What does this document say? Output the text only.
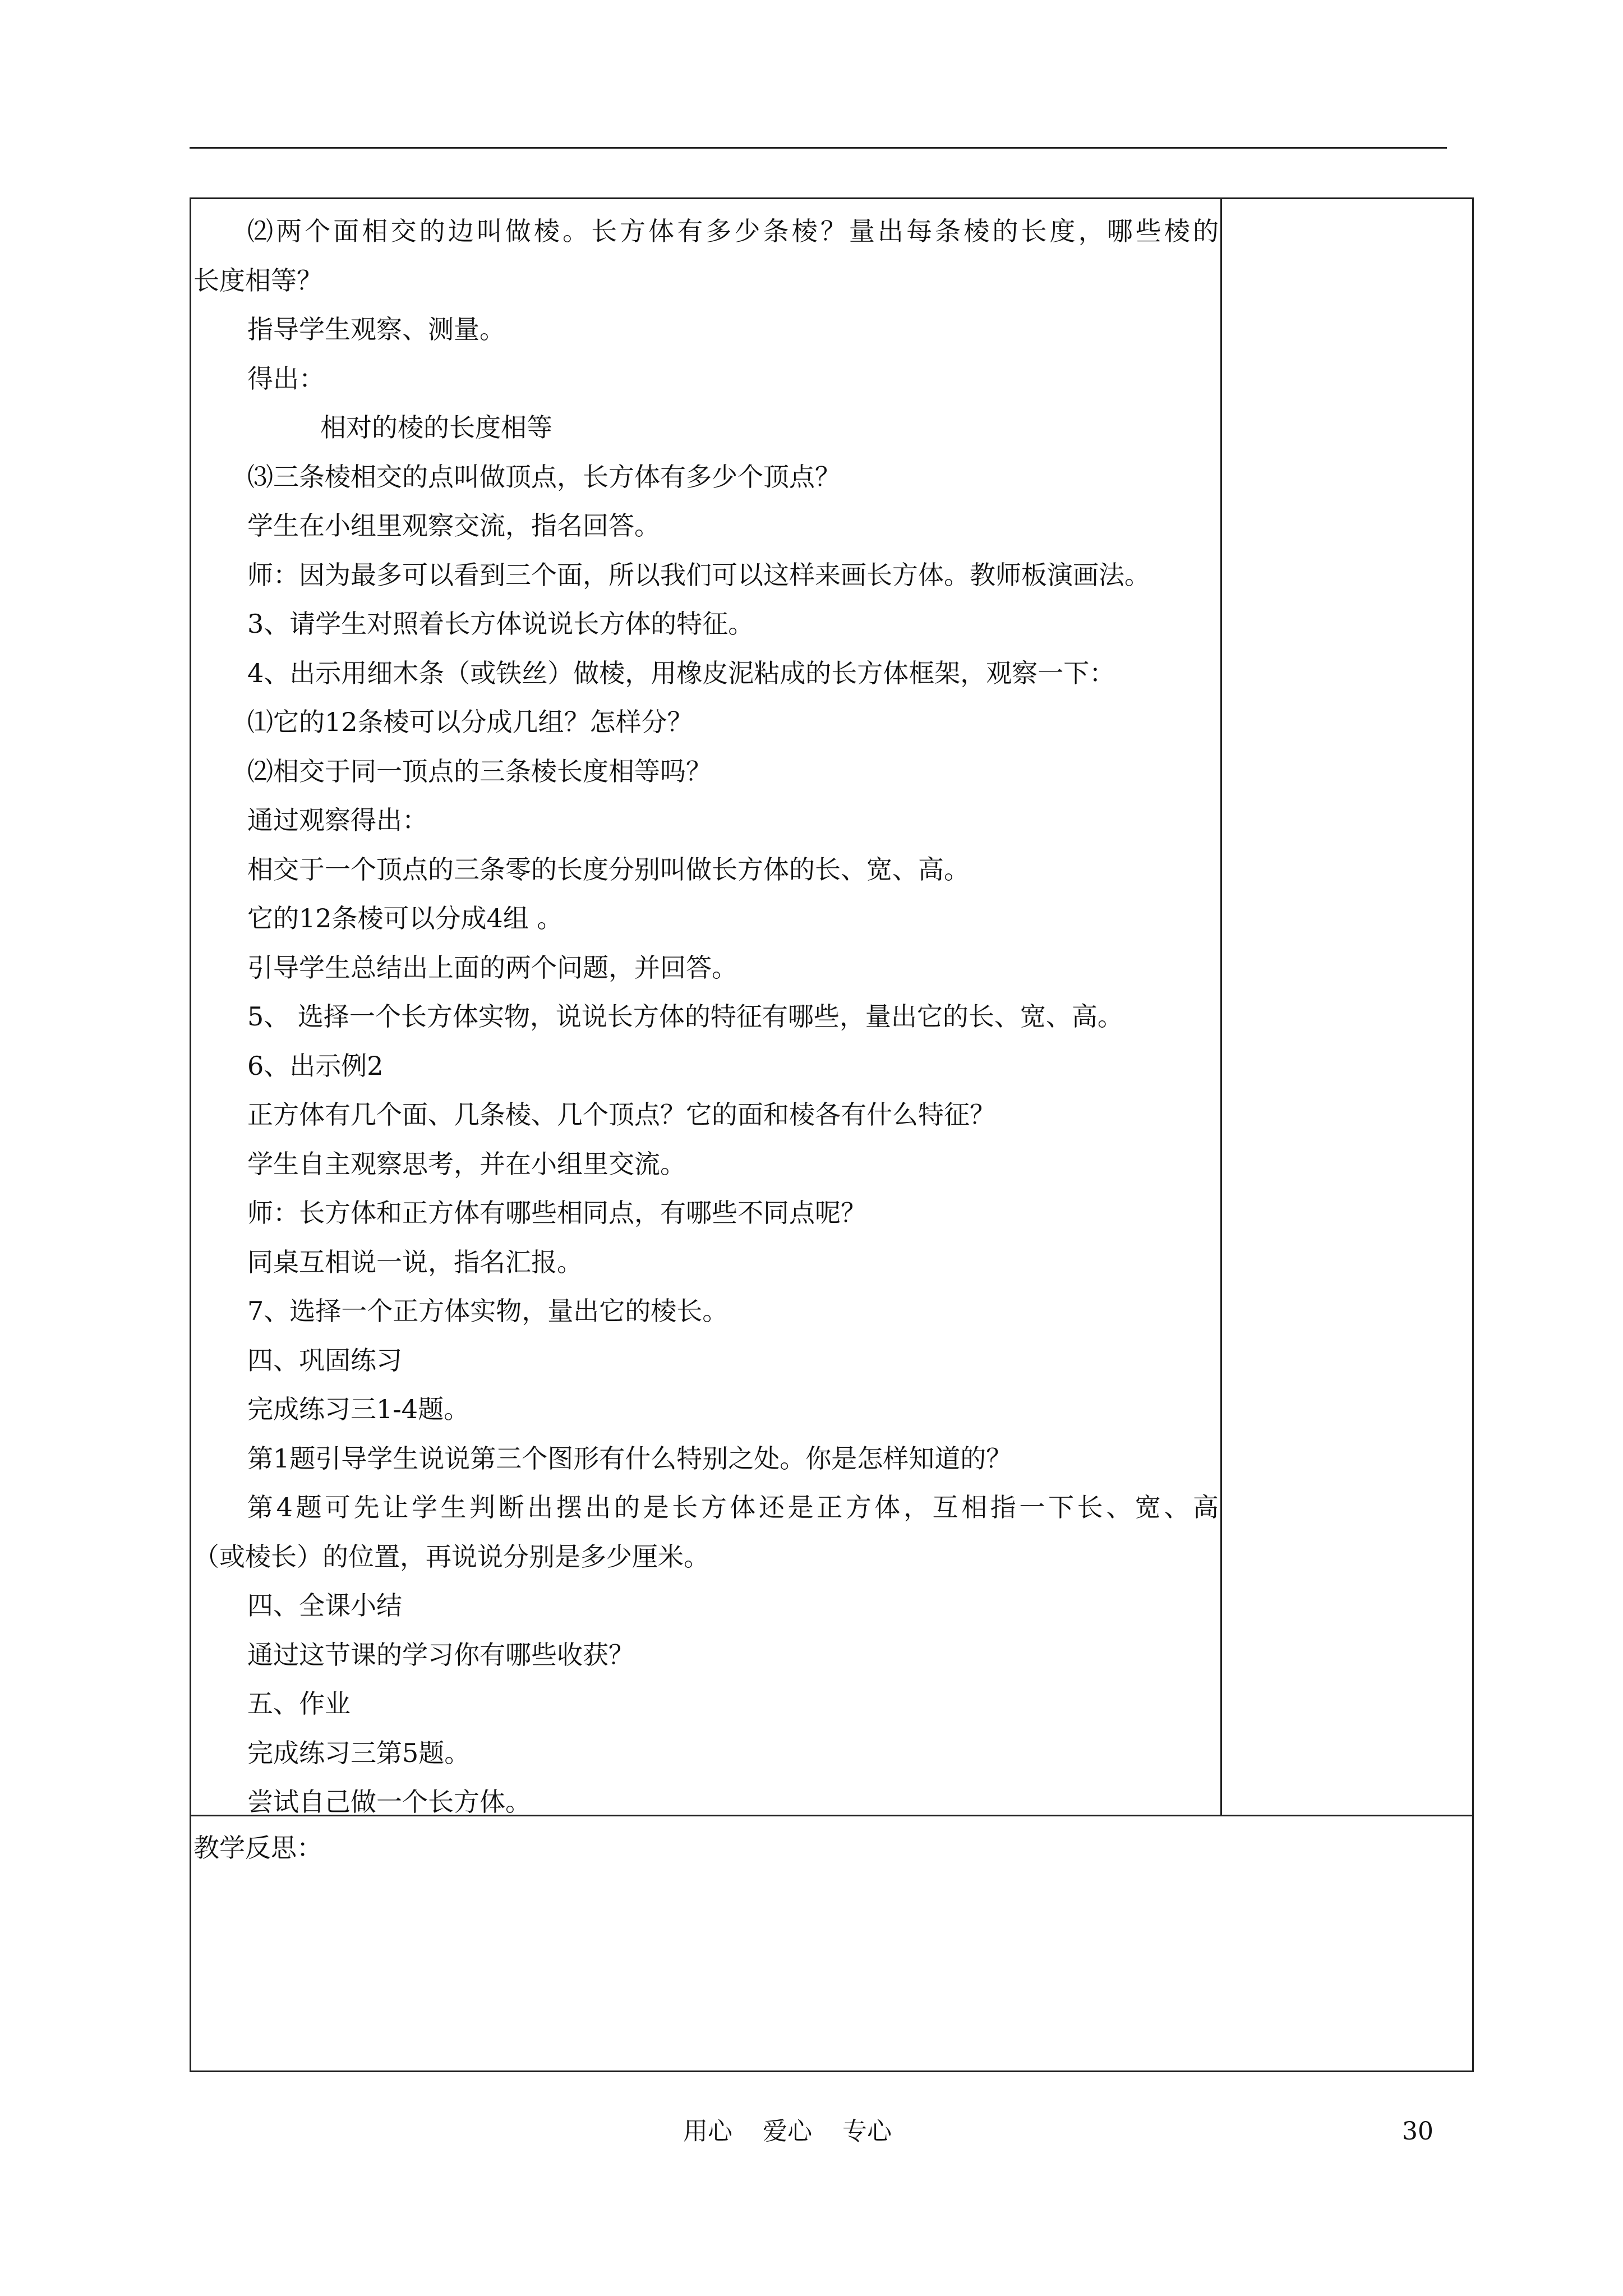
⑵两个面相交的边叫做棱。长方体有多少条棱？量出每条棱的长度，哪些棱的
长度相等？
指导学生观察、测量。
得出：
相对的棱的长度相等
⑶三条棱相交的点叫做顶点，长方体有多少个顶点？
学生在小组里观察交流，指名回答。
师：因为最多可以看到三个面，所以我们可以这样来画长方体。教师板演画法。
3、请学生对照着长方体说说长方体的特征。
4、出示用细木条（或铁丝）做棱，用橡皮泥粘成的长方体框架，观察一下：
⑴它的12条棱可以分成几组？怎样分？
⑵相交于同一顶点的三条棱长度相等吗？
通过观察得出：
相交于一个顶点的三条零的长度分别叫做长方体的长、宽、高。
它的12条棱可以分成4组 。
引导学生总结出上面的两个问题，并回答。
5、 选择一个长方体实物，说说长方体的特征有哪些，量出它的长、宽、高。
6、出示例2
正方体有几个面、几条棱、几个顶点？它的面和棱各有什么特征？
学生自主观察思考，并在小组里交流。
师：长方体和正方体有哪些相同点，有哪些不同点呢？
同桌互相说一说，指名汇报。
7、选择一个正方体实物，量出它的棱长。
四、巩固练习
完成练习三1-4题。
第1题引导学生说说第三个图形有什么特别之处。你是怎样知道的？
第4题可先让学生判断出摆出的是长方体还是正方体，互相指一下长、宽、高
（或棱长）的位置，再说说分别是多少厘米。
四、全课小结
通过这节课的学习你有哪些收获？
五、作业
完成练习三第5题。
尝试自己做一个长方体。
教学反思：
用心 爱心 专心	30
